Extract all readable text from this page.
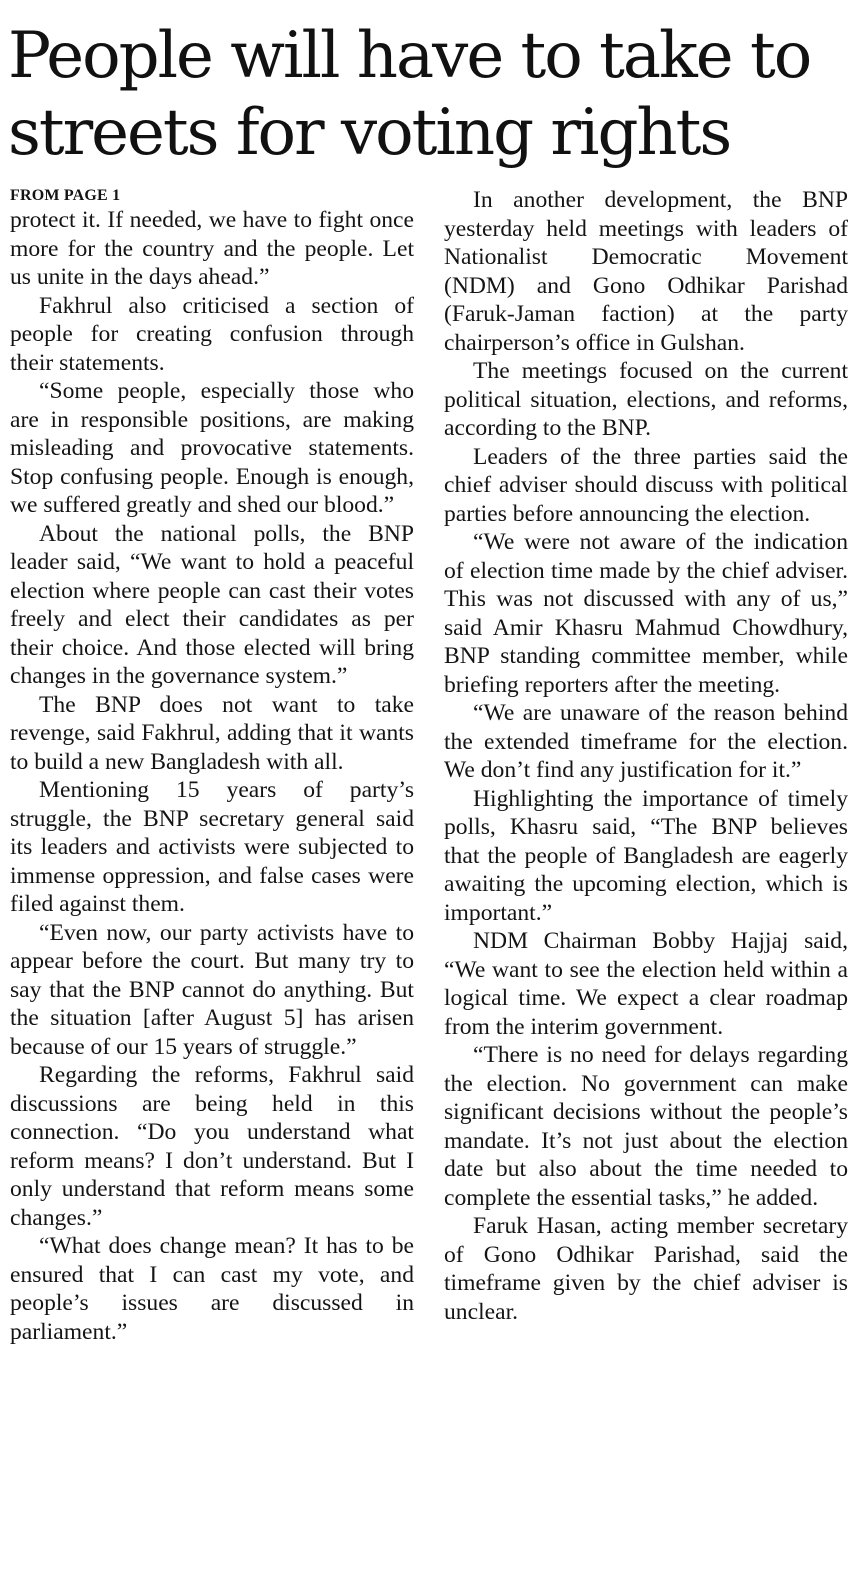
People will have to take to streets for voting rights
FROM PAGE 1

protect it. If needed, we have to fight once more for the country and the people. Let us unite in the days ahead.”

Fakhrul also criticised a section of people for creating confusion through their statements.

“Some people, especially those who are in responsible positions, are making misleading and provocative statements. Stop confusing people. Enough is enough, we suffered greatly and shed our blood.”

About the national polls, the BNP leader said, “We want to hold a peaceful election where people can cast their votes freely and elect their candidates as per their choice. And those elected will bring changes in the governance system.”

The BNP does not want to take revenge, said Fakhrul, adding that it wants to build a new Bangladesh with all.

Mentioning 15 years of party’s struggle, the BNP secretary general said its leaders and activists were subjected to immense oppression, and false cases were filed against them.

“Even now, our party activists have to appear before the court. But many try to say that the BNP cannot do anything. But the situation [after August 5] has arisen because of our 15 years of struggle.”

Regarding the reforms, Fakhrul said discussions are being held in this connection. “Do you understand what reform means? I don’t understand. But I only understand that reform means some changes.”

“What does change mean? It has to be ensured that I can cast my vote, and people’s issues are discussed in parliament.”

In another development, the BNP yesterday held meetings with leaders of Nationalist Democratic Movement (NDM) and Gono Odhikar Parishad (Faruk-Jaman faction) at the party chairperson’s office in Gulshan.

The meetings focused on the current political situation, elections, and reforms, according to the BNP.

Leaders of the three parties said the chief adviser should discuss with political parties before announcing the election.

“We were not aware of the indication of election time made by the chief adviser. This was not discussed with any of us,” said Amir Khasru Mahmud Chowdhury, BNP standing committee member, while briefing reporters after the meeting.

“We are unaware of the reason behind the extended timeframe for the election. We don’t find any justification for it.”

Highlighting the importance of timely polls, Khasru said, “The BNP believes that the people of Bangladesh are eagerly awaiting the upcoming election, which is important.”

NDM Chairman Bobby Hajjaj said, “We want to see the election held within a logical time. We expect a clear roadmap from the interim government.

“There is no need for delays regarding the election. No government can make significant decisions without the people’s mandate. It’s not just about the election date but also about the time needed to complete the essential tasks,” he added.

Faruk Hasan, acting member secretary of Gono Odhikar Parishad, said the timeframe given by the chief adviser is unclear.
